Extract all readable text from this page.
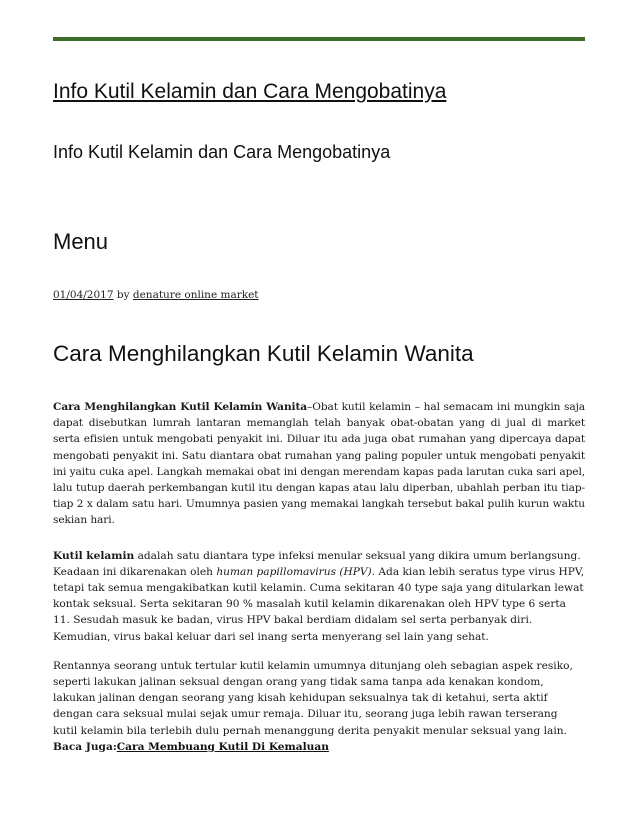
Info Kutil Kelamin dan Cara Mengobatinya

Info Kutil Kelamin dan Cara Mengobatinya

Menu

01/04/2017 by denature online market
Cara Menghilangkan Kutil Kelamin Wanita

Cara Menghilangkan Kutil Kelamin Wanita–Obat kutil kelamin – hal semacam ini mungkin saja dapat disebutkan lumrah lantaran memanglah telah banyak obat-obatan yang di jual di market serta efisien untuk mengobati penyakit ini. Diluar itu ada juga obat rumahan yang dipercaya dapat mengobati penyakit ini. Satu diantara obat rumahan yang paling populer untuk mengobati penyakit ini yaitu cuka apel. Langkah memakai obat ini dengan merendam kapas pada larutan cuka sari apel, lalu tutup daerah perkembangan kutil itu dengan kapas atau lalu diperban, ubahlah perban itu tiap-tiap 2 x dalam satu hari. Umumnya pasien yang memakai langkah tersebut bakal pulih kurun waktu sekian hari.

Kutil kelamin adalah satu diantara type infeksi menular seksual yang dikira umum berlangsung. Keadaan ini dikarenakan oleh human papillomavirus (HPV). Ada kian lebih seratus type virus HPV, tetapi tak semua mengakibatkan kutil kelamin. Cuma sekitaran 40 type saja yang ditularkan lewat kontak seksual. Serta sekitaran 90 % masalah kutil kelamin dikarenakan oleh HPV type 6 serta 11. Sesudah masuk ke badan, virus HPV bakal berdiam didalam sel serta perbanyak diri. Kemudian, virus bakal keluar dari sel inang serta menyerang sel lain yang sehat.

Rentannya seorang untuk tertular kutil kelamin umumnya ditunjang oleh sebagian aspek resiko, seperti lakukan jalinan seksual dengan orang yang tidak sama tanpa ada kenakan kondom, lakukan jalinan dengan seorang yang kisah kehidupan seksualnya tak di ketahui, serta aktif dengan cara seksual mulai sejak umur remaja. Diluar itu, seorang juga lebih rawan terserang kutil kelamin bila terlebih dulu pernah menanggung derita penyakit menular seksual yang lain.
Baca Juga:Cara Membuang Kutil Di Kemaluan
